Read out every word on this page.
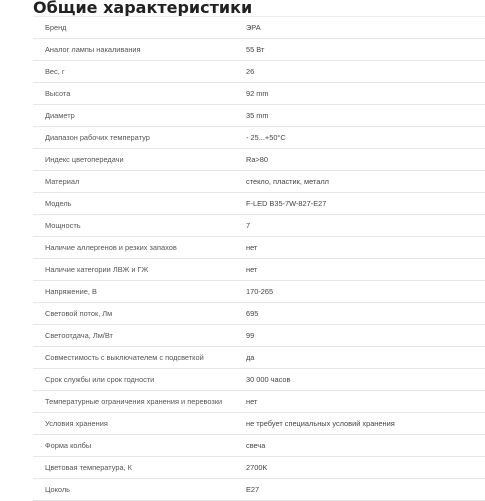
Общие характеристики
Бренд	ЭРА
Аналог лампы накаливания	55 Вт
Вес, г	26
Высота	92 mm
Диаметр	35 mm
Диапазон рабочих температур	- 25...+50°C
Индекс цветопередачи	Ra>80
Материал	стекло, пластик, металл
Модель	F-LED B35-7W-827-E27
Мощность	7
Наличие аллергенов и резких запахов	нет
Наличие категории ЛВЖ и ГЖ	нет
Напряжение, В	170-265
Световой поток, Лм	695
Светоотдача, Лм/Вт	99
Совместимость с выключателем с подсветкой	да
Срок службы или срок годности	30 000 часов
Температурные ограничения хранения и перевозки	нет
Условия хранения	не требует специальных условий хранения
Форма колбы	свеча
Цветовая температура, К	2700K
Цоколь	E27
